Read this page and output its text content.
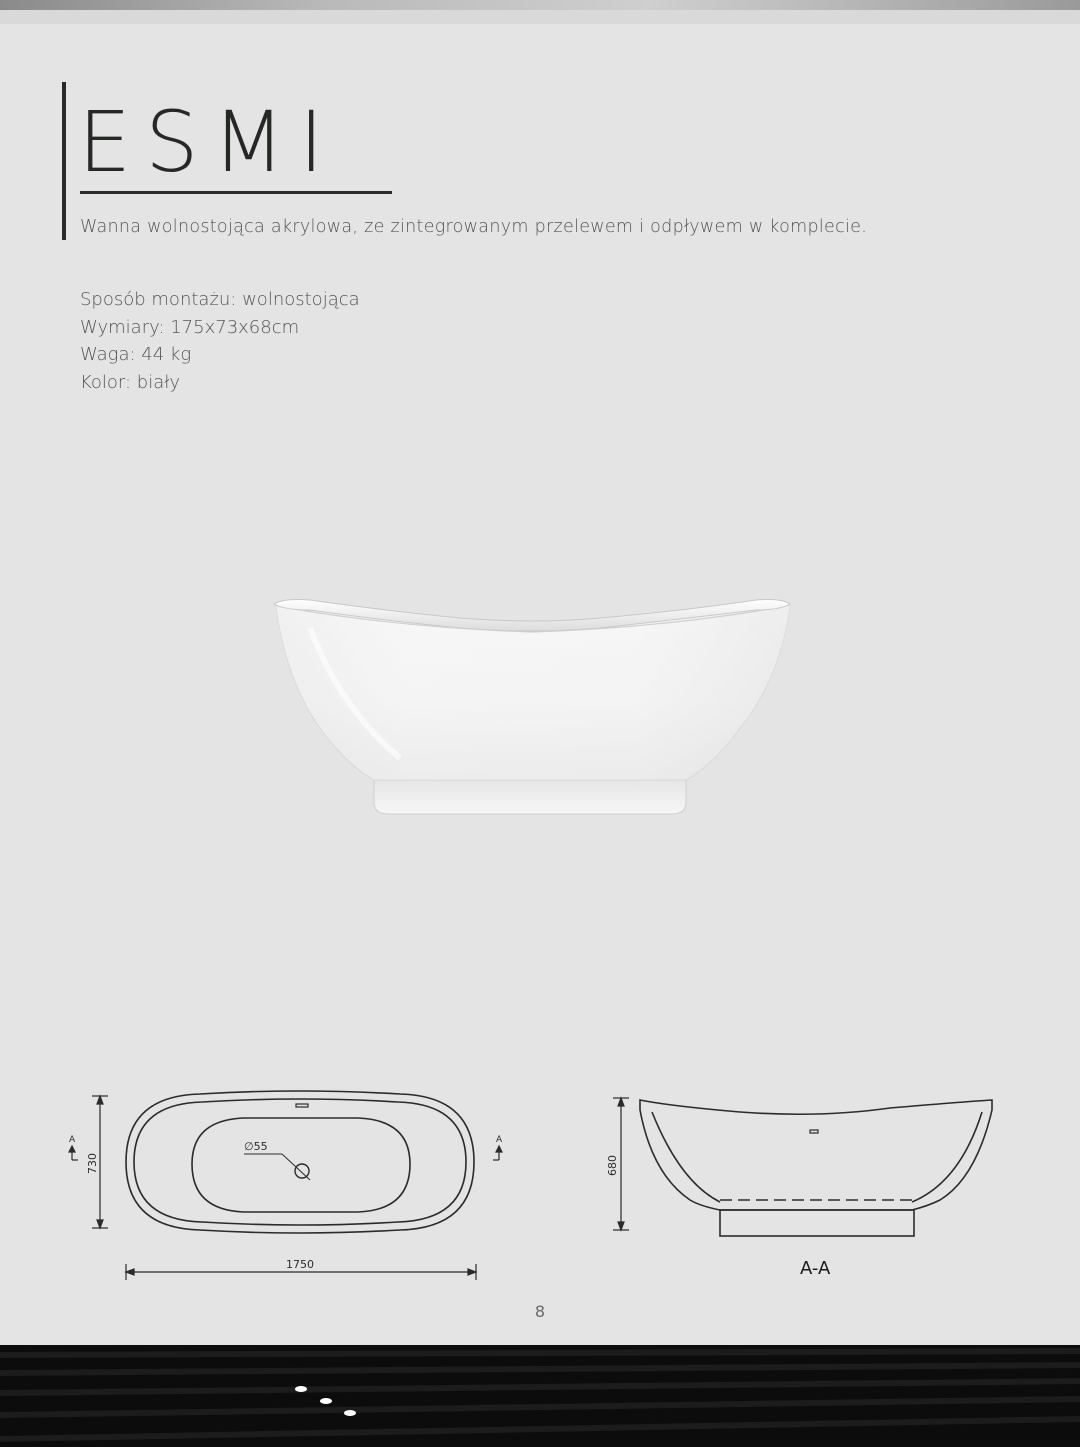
ESMI
Wanna wolnostojąca akrylowa, ze zintegrowanym przelewem i odpływem w komplecie.
Sposób montażu: wolnostojąca
Wymiary: 175x73x68cm
Waga: 44 kg
Kolor: biały
∅55
730
A	A
1750
680
A-A
8
